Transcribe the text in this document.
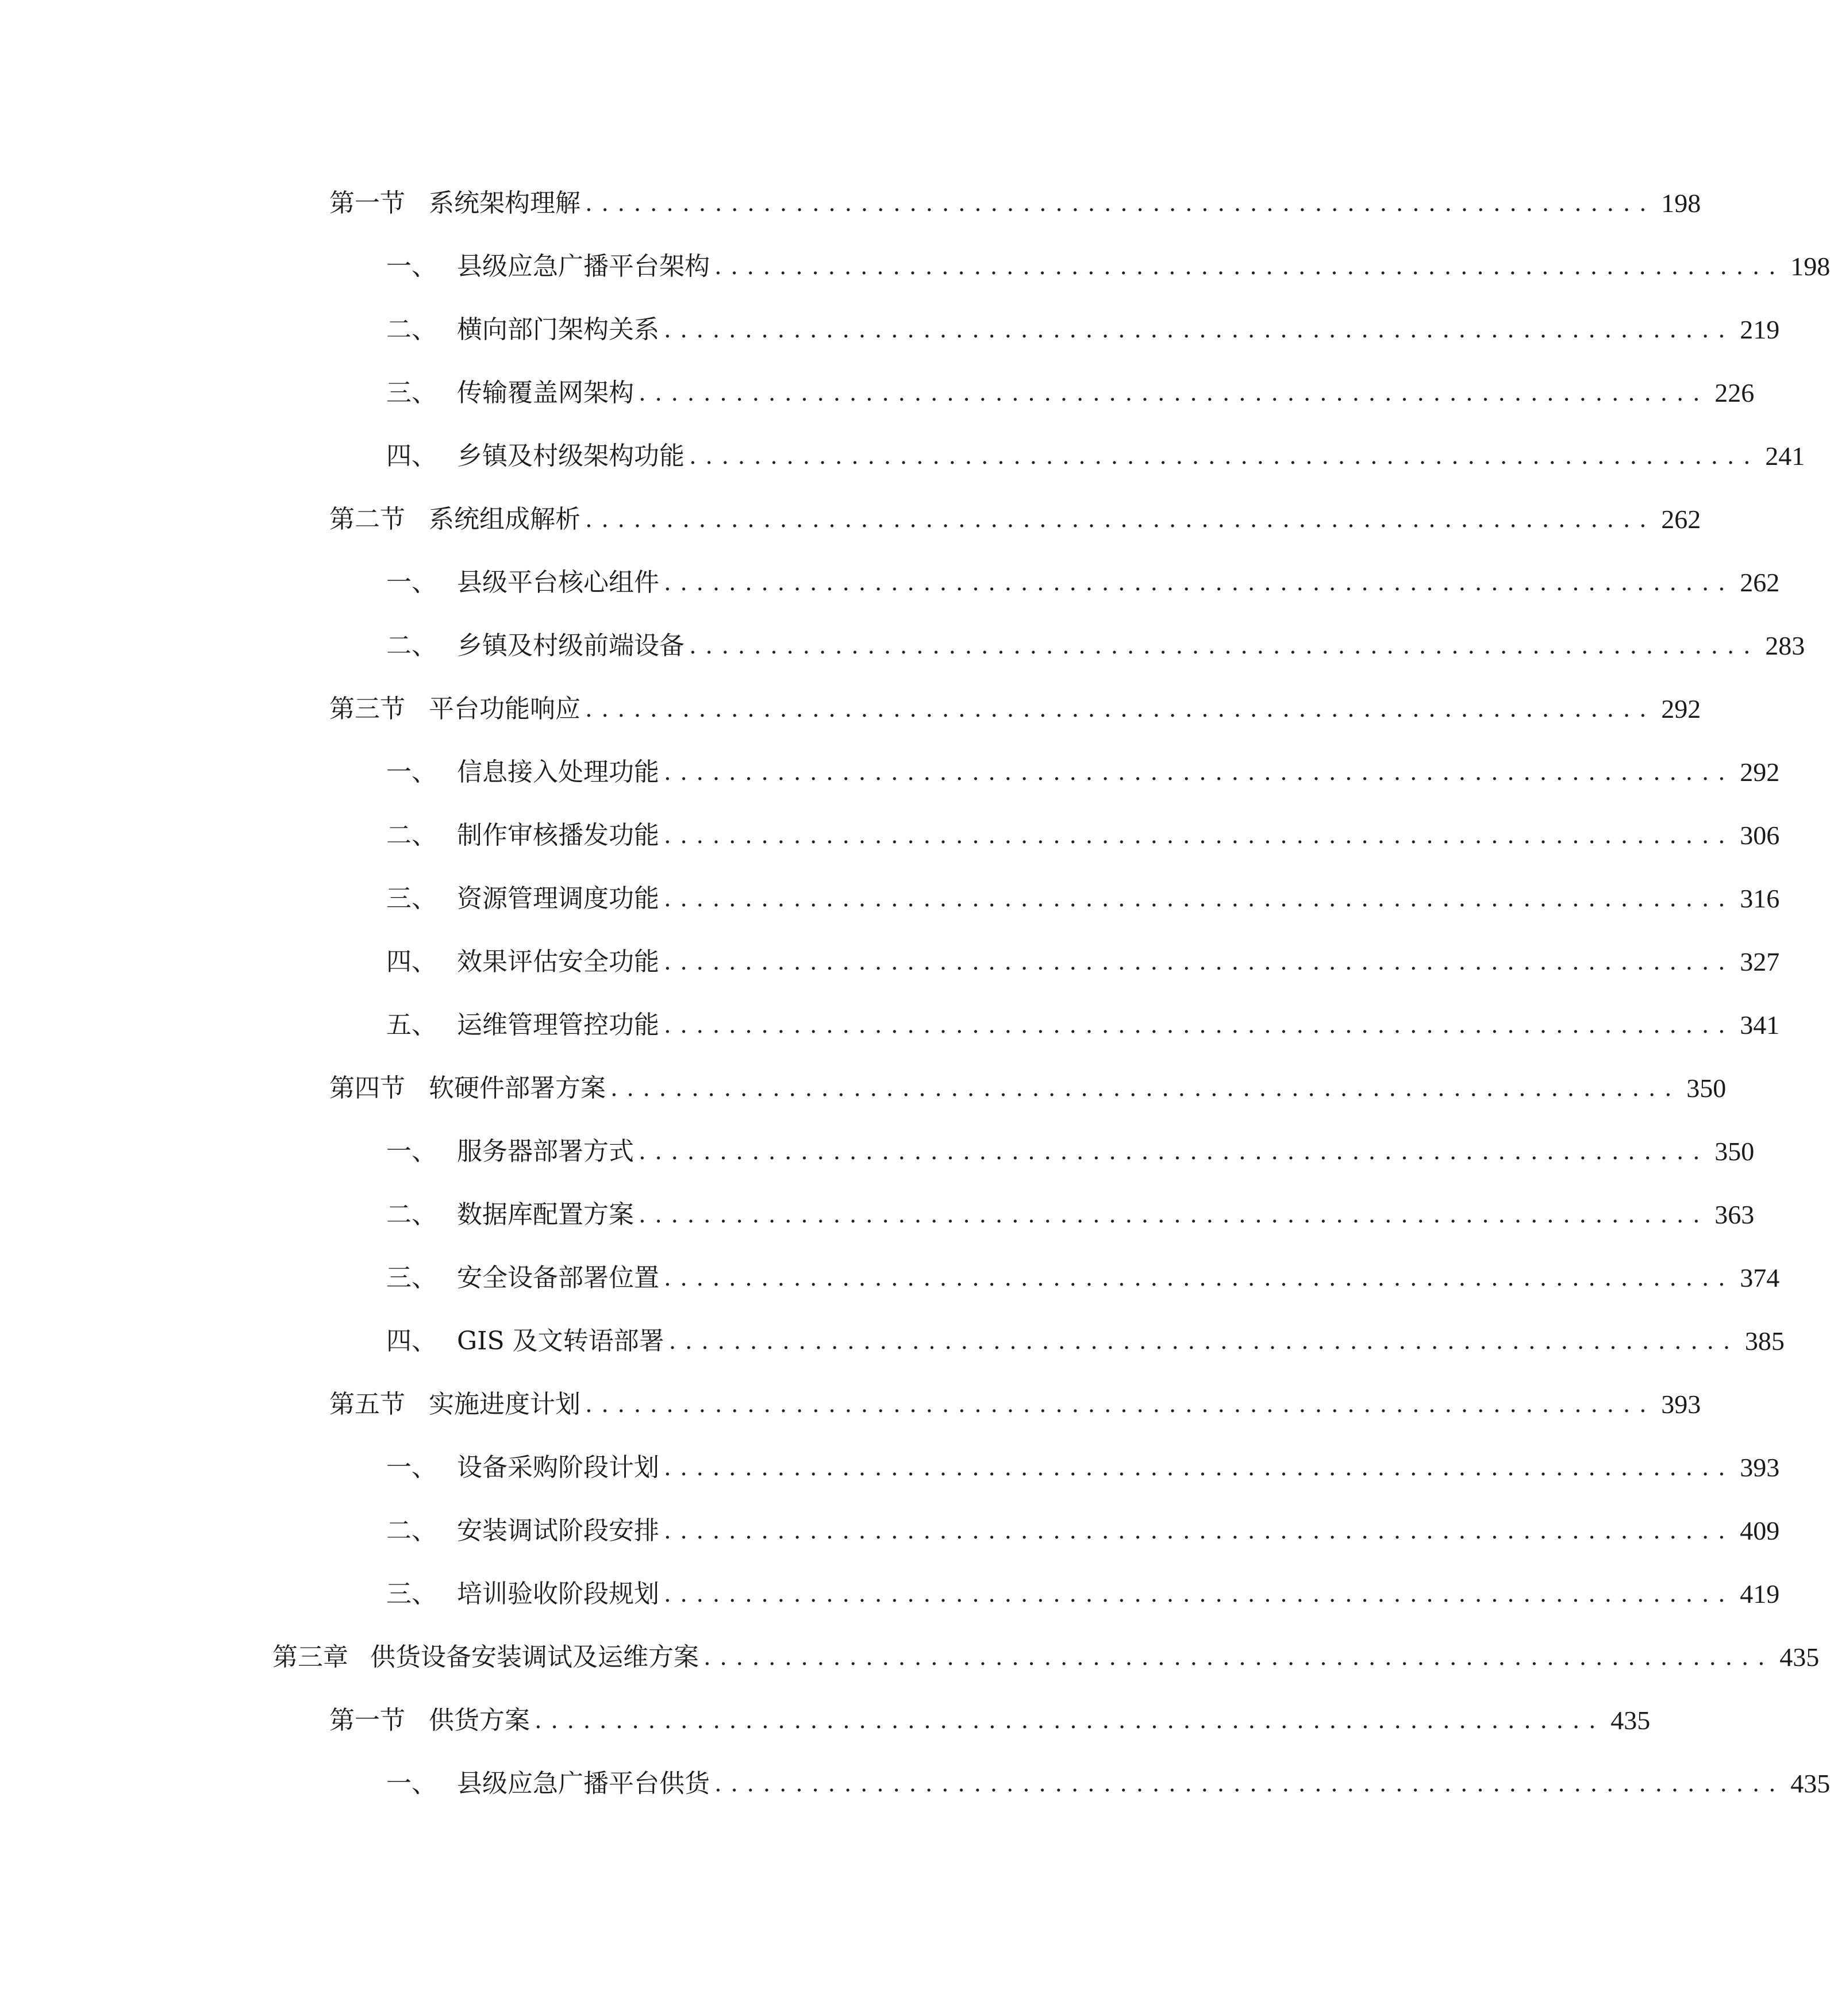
第一节 系统架构理解 .................................................................. 198
一、 县级应急广播平台架构 .................................................................. 198
二、 横向部门架构关系 .................................................................. 219
三、 传输覆盖网架构 .................................................................. 226
四、 乡镇及村级架构功能 .................................................................. 241
第二节 系统组成解析 .................................................................. 262
一、 县级平台核心组件 .................................................................. 262
二、 乡镇及村级前端设备 .................................................................. 283
第三节 平台功能响应 .................................................................. 292
一、 信息接入处理功能 .................................................................. 292
二、 制作审核播发功能 .................................................................. 306
三、 资源管理调度功能 .................................................................. 316
四、 效果评估安全功能 .................................................................. 327
五、 运维管理管控功能 .................................................................. 341
第四节 软硬件部署方案 .................................................................. 350
一、 服务器部署方式 .................................................................. 350
二、 数据库配置方案 .................................................................. 363
三、 安全设备部署位置 .................................................................. 374
四、 GIS 及文转语部署 .................................................................. 385
第五节 实施进度计划 .................................................................. 393
一、 设备采购阶段计划 .................................................................. 393
二、 安装调试阶段安排 .................................................................. 409
三、 培训验收阶段规划 .................................................................. 419
第三章 供货设备安装调试及运维方案 .................................................................. 435
第一节 供货方案 .................................................................. 435
一、 县级应急广播平台供货 .................................................................. 435
